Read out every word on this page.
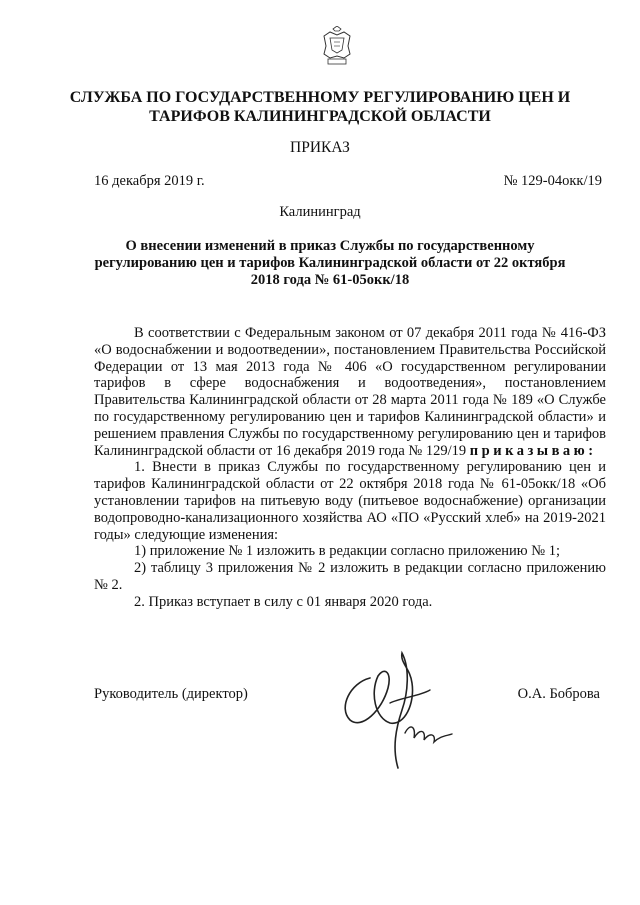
СЛУЖБА ПО ГОСУДАРСТВЕННОМУ РЕГУЛИРОВАНИЮ ЦЕН И ТАРИФОВ КАЛИНИНГРАДСКОЙ ОБЛАСТИ
ПРИКАЗ
16 декабря 2019 г.	№ 129-04окк/19
Калининград
О внесении изменений в приказ Службы по государственному регулированию цен и тарифов Калининградской области от 22 октября 2018 года № 61-05окк/18

В соответствии с Федеральным законом от 07 декабря 2011 года № 416-ФЗ «О водоснабжении и водоотведении», постановлением Правительства Российской Федерации от 13 мая 2013 года № 406 «О государственном регулировании тарифов в сфере водоснабжения и водоотведения», постановлением Правительства Калининградской области от 28 марта 2011 года № 189 «О Службе по государственному регулированию цен и тарифов Калининградской области» и решением правления Службы по государственному регулированию цен и тарифов Калининградской области от 16 декабря 2019 года № 129/19 приказываю:

1. Внести в приказ Службы по государственному регулированию цен и тарифов Калининградской области от 22 октября 2018 года № 61-05окк/18 «Об установлении тарифов на питьевую воду (питьевое водоснабжение) организации водопроводно-канализационного хозяйства АО «ПО «Русский хлеб» на 2019-2021 годы» следующие изменения:

1) приложение № 1 изложить в редакции согласно приложению № 1;

2) таблицу 3 приложения № 2 изложить в редакции согласно приложению № 2.

2. Приказ вступает в силу с 01 января 2020 года.

Руководитель (директор)	О.А. Боброва
